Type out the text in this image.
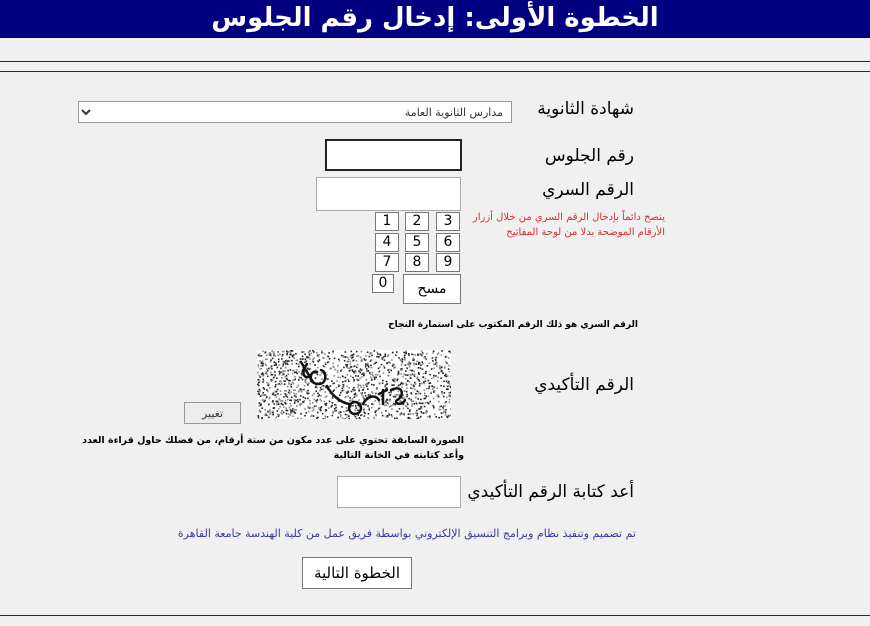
الخطوة الأولى: إدخال رقم الجلوس
شهادة الثانوية
مدارس الثانوية العامة
رقم الجلوس
الرقم السري
ينصح دائماً بإدخال الرقم السري من خلال أزرار الأرقام الموضحة بدلا من لوحة المفاتيح
1	2	3
4	5	6
7	8	9
0	مسح
الرقم السري هو ذلك الرقم المكتوب على استمارة النجاح
الرقم التأكيدي
تغيير
الصورة السابقة تحتوي على عدد مكون من ستة أرقام، من فضلك حاول قراءة العدد وأعد كتابته في الخانة التالية
أعد كتابة الرقم التأكيدي
تم تصميم وتنفيذ نظام وبرامج التنسيق الإلكتروني بواسطة فريق عمل من كلية الهندسة جامعة القاهرة
الخطوة التالية
